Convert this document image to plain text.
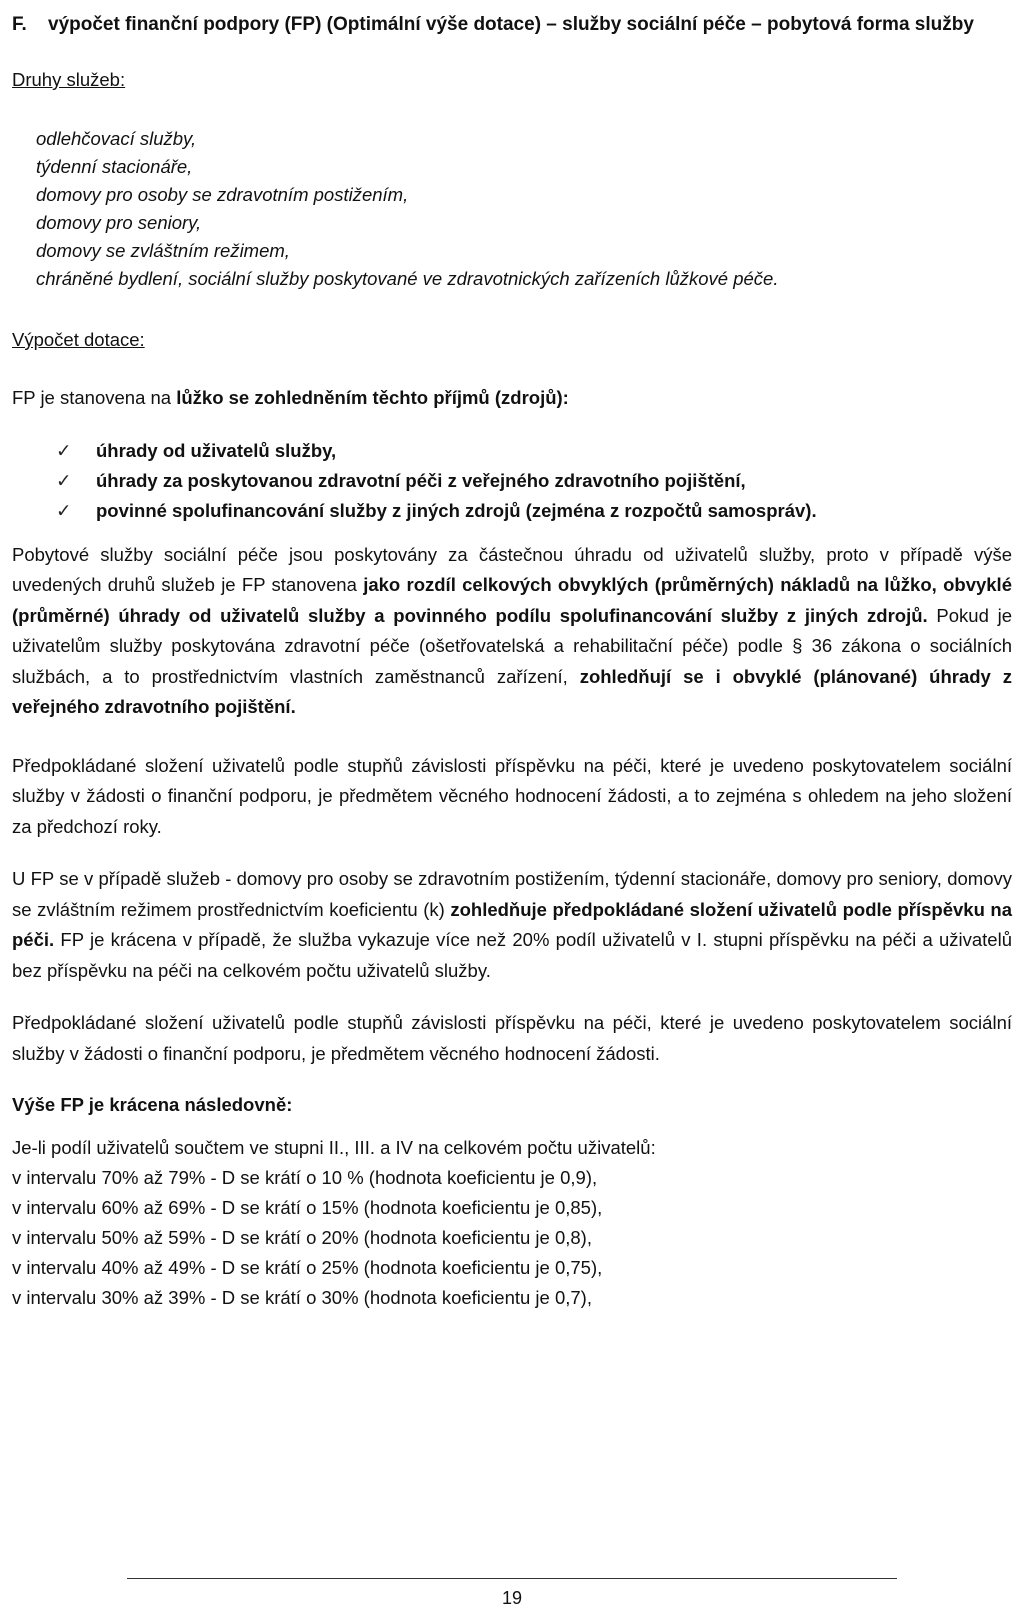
F.	výpočet finanční podpory (FP) (Optimální výše dotace) – služby sociální péče – pobytová forma služby

Druhy služeb:

odlehčovací služby,
týdenní stacionáře,
domovy pro osoby se zdravotním postižením,
domovy pro seniory,
domovy se zvláštním režimem,
chráněné bydlení, sociální služby poskytované ve zdravotnických zařízeních lůžkové péče.

Výpočet dotace:

FP je stanovena na lůžko se zohledněním těchto příjmů (zdrojů):

✓	úhrady od uživatelů služby,
✓	úhrady za poskytovanou zdravotní péči z veřejného zdravotního pojištění,
✓	povinné spolufinancování služby z jiných zdrojů (zejména z rozpočtů samospráv).

Pobytové služby sociální péče jsou poskytovány za částečnou úhradu od uživatelů služby, proto v případě výše uvedených druhů služeb je FP stanovena jako rozdíl celkových obvyklých (průměrných) nákladů na lůžko, obvyklé (průměrné) úhrady od uživatelů služby a povinného podílu spolufinancování služby z jiných zdrojů. Pokud je uživatelům služby poskytována zdravotní péče (ošetřovatelská a rehabilitační péče) podle § 36 zákona o sociálních službách, a to prostřednictvím vlastních zaměstnanců zařízení, zohledňují se i obvyklé (plánované) úhrady z veřejného zdravotního pojištění.

Předpokládané složení uživatelů podle stupňů závislosti příspěvku na péči, které je uvedeno poskytovatelem sociální služby v žádosti o finanční podporu, je předmětem věcného hodnocení žádosti, a to zejména s ohledem na jeho složení za předchozí roky.

U FP se v případě služeb - domovy pro osoby se zdravotním postižením, týdenní stacionáře, domovy pro seniory, domovy se zvláštním režimem prostřednictvím koeficientu (k) zohledňuje předpokládané složení uživatelů podle příspěvku na péči. FP je krácena v případě, že služba vykazuje více než 20% podíl uživatelů v I. stupni příspěvku na péči a uživatelů bez příspěvku na péči na celkovém počtu uživatelů služby.

Předpokládané složení uživatelů podle stupňů závislosti příspěvku na péči, které je uvedeno poskytovatelem sociální služby v žádosti o finanční podporu, je předmětem věcného hodnocení žádosti.

Výše FP je krácena následovně:

Je-li podíl uživatelů součtem ve stupni II., III. a IV na celkovém počtu uživatelů:

v intervalu 70% až 79% - D se krátí o 10 % (hodnota koeficientu je 0,9),
v intervalu 60% až 69% - D se krátí o 15% (hodnota koeficientu je 0,85),
v intervalu 50% až 59% - D se krátí o 20% (hodnota koeficientu je 0,8),
v intervalu 40% až 49% - D se krátí o 25% (hodnota koeficientu je 0,75),
v intervalu 30% až 39% - D se krátí o 30% (hodnota koeficientu je 0,7),
19
